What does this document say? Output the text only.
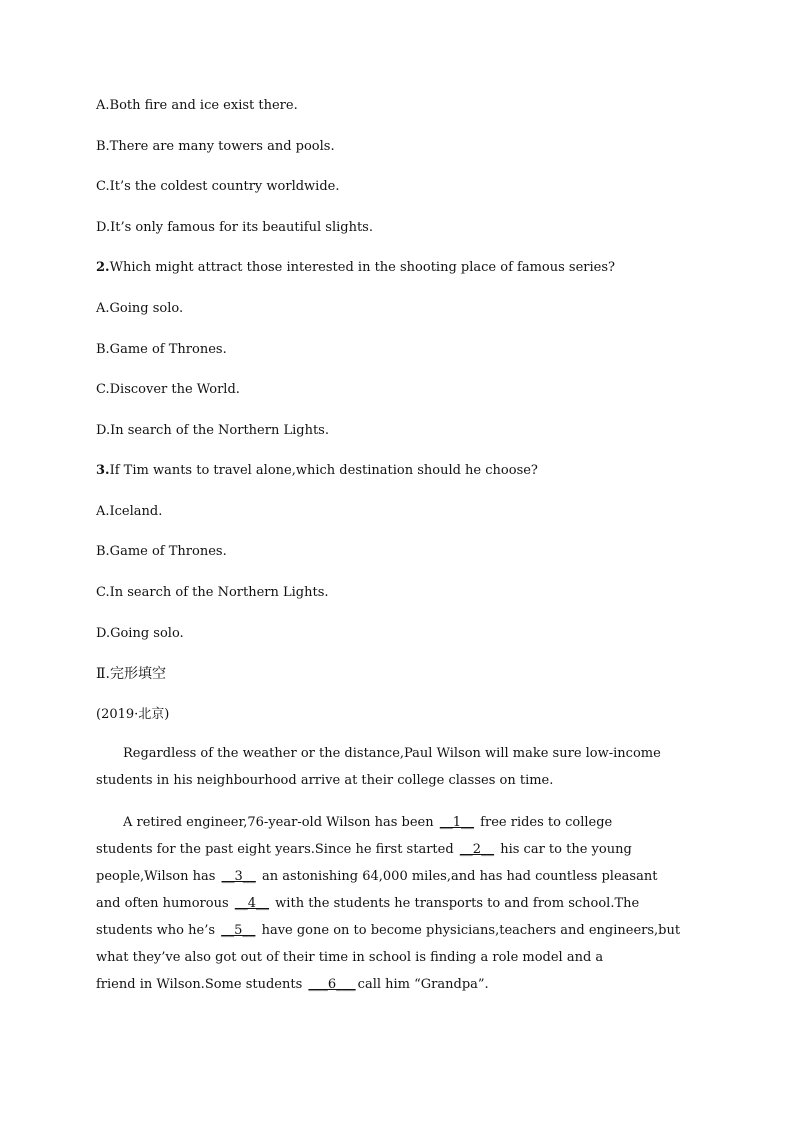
A.Both fire and ice exist there.
B.There are many towers and pools.
C.It’s the coldest country worldwide.
D.It’s only famous for its beautiful slights.
2.Which might attract those interested in the shooting place of famous series?
A.Going solo.
B.Game of Thrones.
C.Discover the World.
D.In search of the Northern Lights.
3.If Tim wants to travel alone,which destination should he choose?
A.Iceland.
B.Game of Thrones.
C.In search of the Northern Lights.
D.Going solo.
Ⅱ.完形填空
(2019·北京)
Regardless of the weather or the distance,Paul Wilson will make sure low-income
students in his neighbourhood arrive at their college classes on time.
A retired engineer,76-year-old Wilson has been __1__ free rides to college
students for the past eight years.Since he first started __2__ his car to the young
people,Wilson has __3__ an astonishing 64,000 miles,and has had countless pleasant
and often humorous __4__ with the students he transports to and from school.The
students who he’s __5__ have gone on to become physicians,teachers and engineers,but
what they’ve also got out of their time in school is finding a role model and a
friend in Wilson.Some students ___6___ call him “Grandpa”.
